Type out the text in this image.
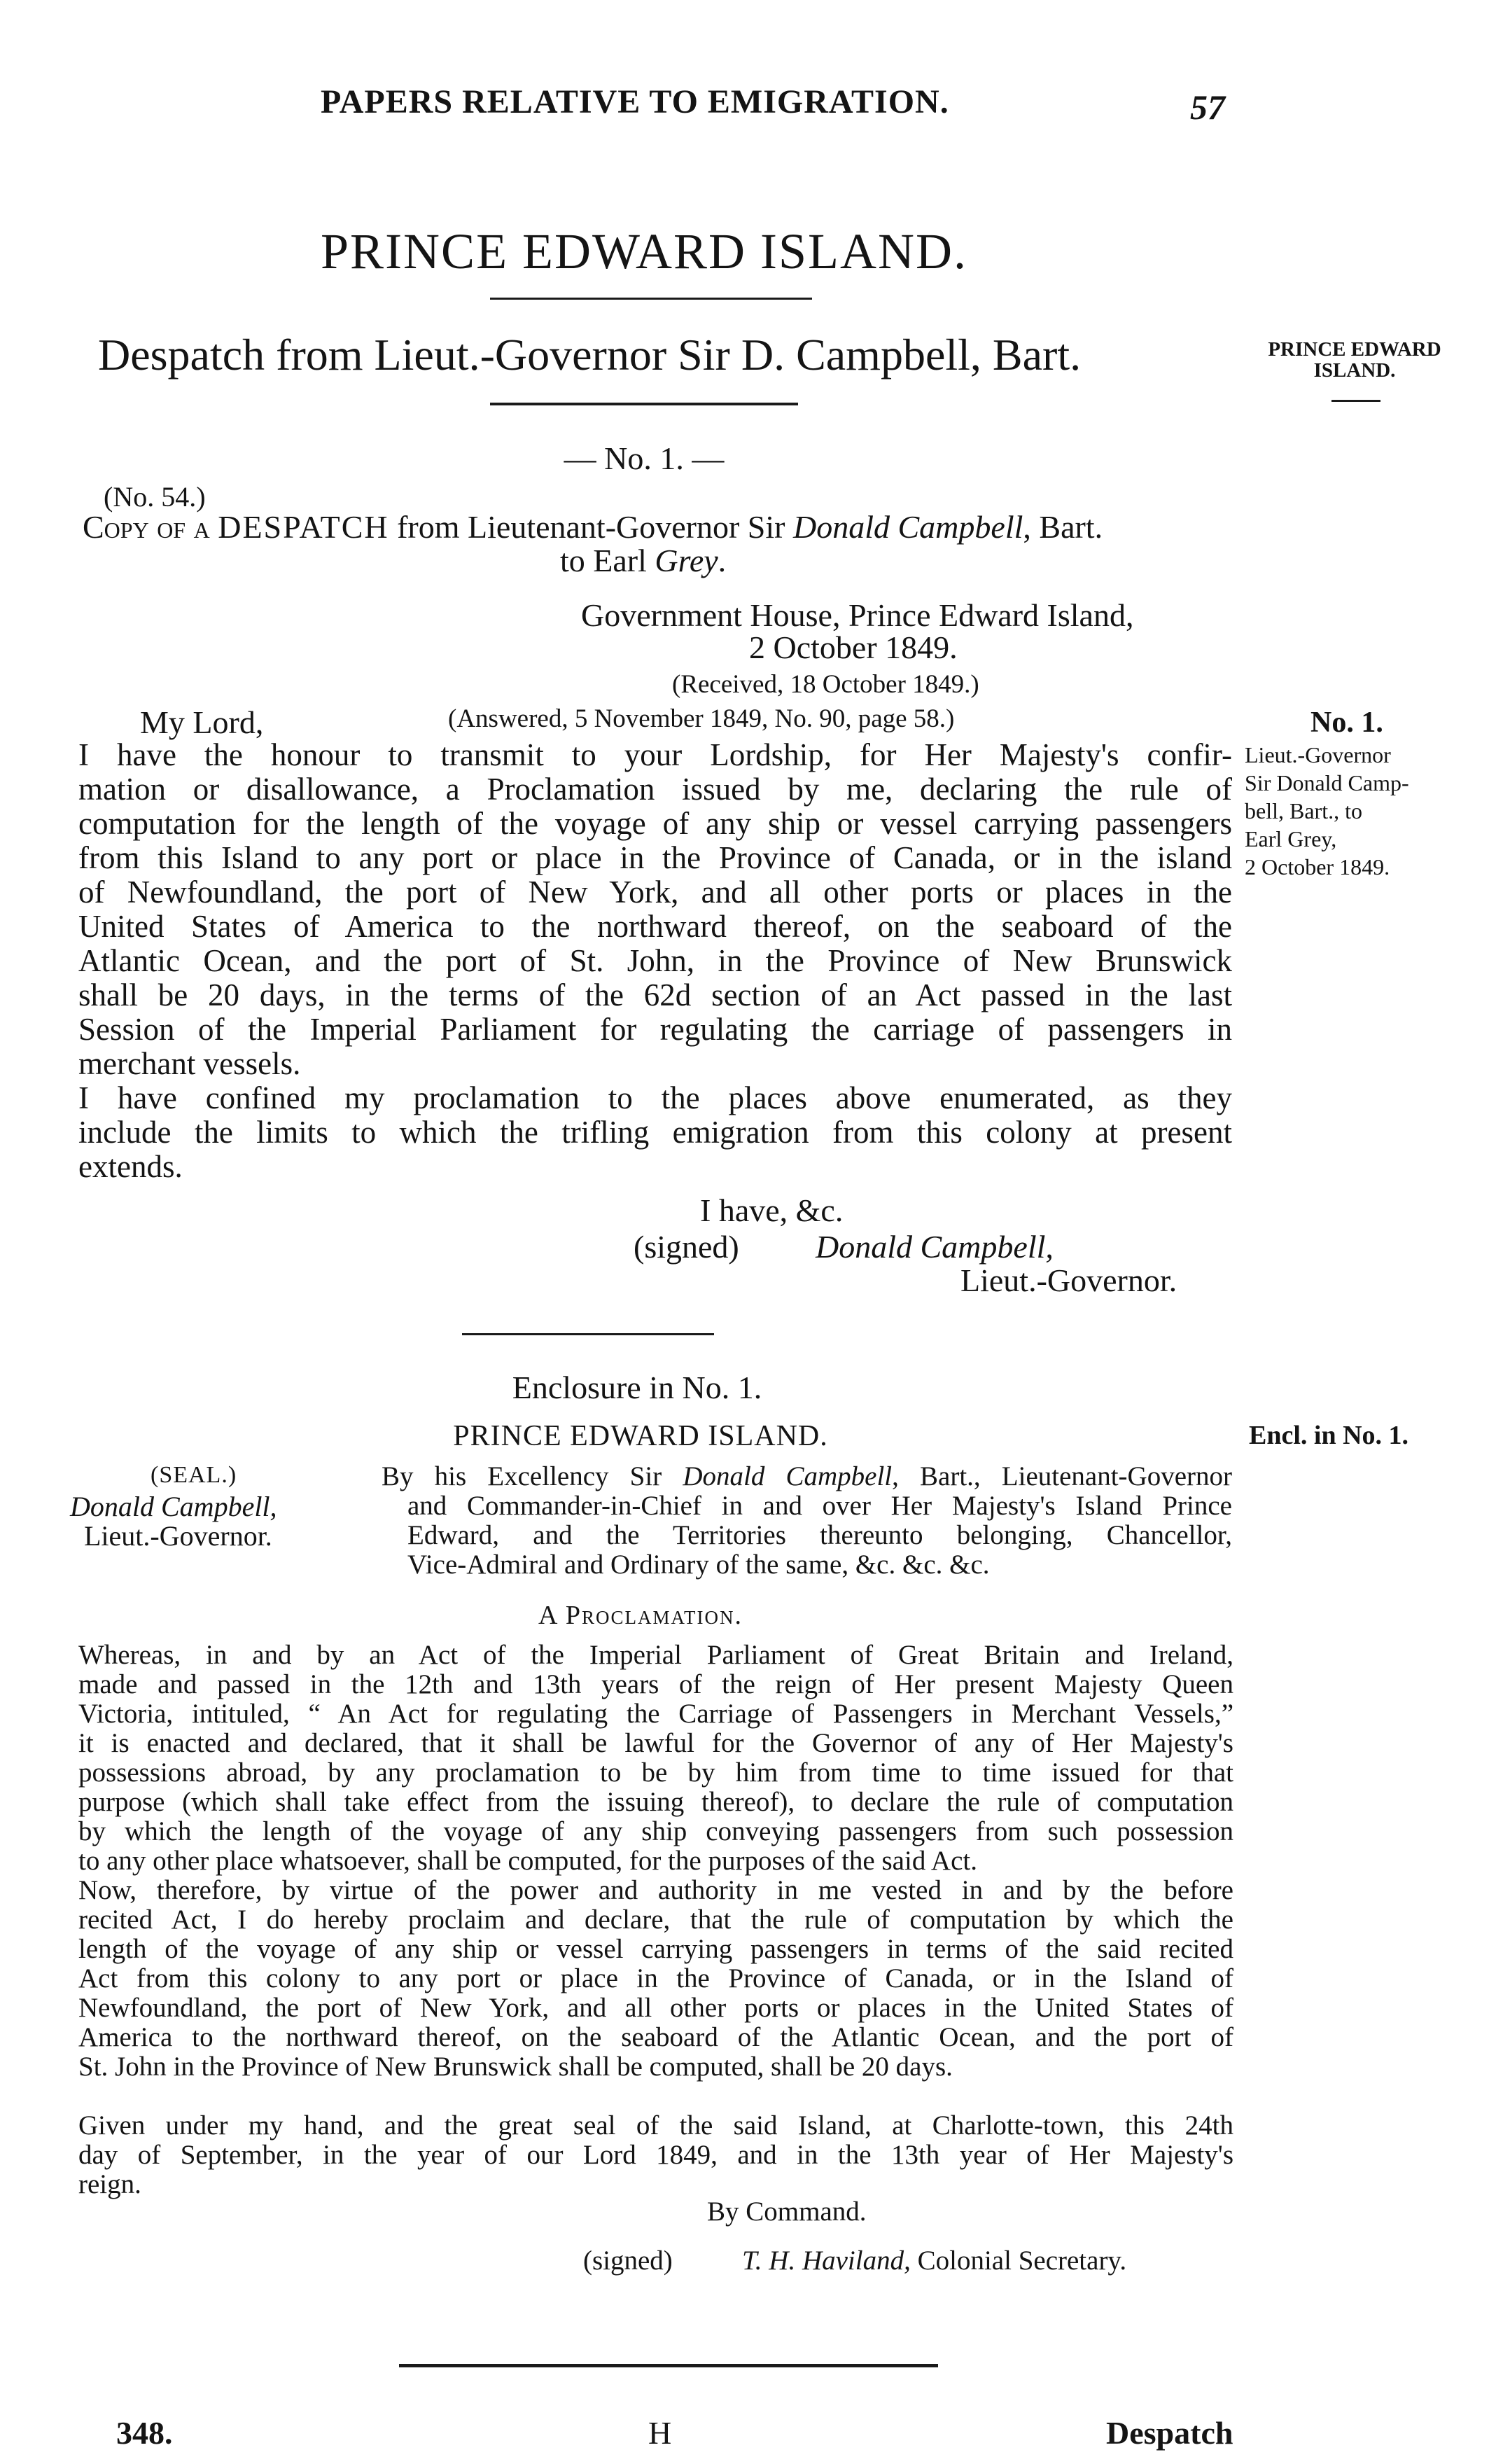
PAPERS RELATIVE TO EMIGRATION.	57
PRINCE EDWARD ISLAND.
Despatch from Lieut.-Governor Sir D. Campbell, Bart.	PRINCE EDWARD
ISLAND.
— No. 1. —
(No. 54.)
Copy of a DESPATCH from Lieutenant-Governor Sir Donald Campbell, Bart.
to Earl Grey.
Government House, Prince Edward Island,
2 October 1849.
(Received, 18 October 1849.)
My Lord,	(Answered, 5 November 1849, No. 90, page 58.)	No. 1.
Lieut.-Governor
Sir Donald Camp-
bell, Bart., to
Earl Grey,
2 October 1849.
I have the honour to transmit to your Lordship, for Her Majesty's confir-
mation or disallowance, a Proclamation issued by me, declaring the rule of
computation for the length of the voyage of any ship or vessel carrying passengers
from this Island to any port or place in the Province of Canada, or in the island
of Newfoundland, the port of New York, and all other ports or places in the
United States of America to the northward thereof, on the seaboard of the
Atlantic Ocean, and the port of St. John, in the Province of New Brunswick
shall be 20 days, in the terms of the 62d section of an Act passed in the last
Session of the Imperial Parliament for regulating the carriage of passengers in
merchant vessels.
I have confined my proclamation to the places above enumerated, as they
include the limits to which the trifling emigration from this colony at present
extends.
I have, &c.
(signed) Donald Campbell,
Lieut.-Governor.
Enclosure in No. 1.
Encl. in No. 1.
PRINCE EDWARD ISLAND.
(SEAL.)
Donald Campbell,
Lieut.-Governor.
By his Excellency Sir Donald Campbell, Bart., Lieutenant-Governor
and Commander-in-Chief in and over Her Majesty's Island Prince
Edward, and the Territories thereunto belonging, Chancellor,
Vice-Admiral and Ordinary of the same, &c. &c. &c.
A Proclamation.
Whereas, in and by an Act of the Imperial Parliament of Great Britain and Ireland,
made and passed in the 12th and 13th years of the reign of Her present Majesty Queen
Victoria, intituled, “ An Act for regulating the Carriage of Passengers in Merchant Vessels,”
it is enacted and declared, that it shall be lawful for the Governor of any of Her Majesty's
possessions abroad, by any proclamation to be by him from time to time issued for that
purpose (which shall take effect from the issuing thereof), to declare the rule of computation
by which the length of the voyage of any ship conveying passengers from such possession
to any other place whatsoever, shall be computed, for the purposes of the said Act.
Now, therefore, by virtue of the power and authority in me vested in and by the before
recited Act, I do hereby proclaim and declare, that the rule of computation by which the
length of the voyage of any ship or vessel carrying passengers in terms of the said recited
Act from this colony to any port or place in the Province of Canada, or in the Island of
Newfoundland, the port of New York, and all other ports or places in the United States of
America to the northward thereof, on the seaboard of the Atlantic Ocean, and the port of
St. John in the Province of New Brunswick shall be computed, shall be 20 days.
Given under my hand, and the great seal of the said Island, at Charlotte-town, this 24th
day of September, in the year of our Lord 1849, and in the 13th year of Her Majesty's
reign.
By Command.
(signed)	T. H. Haviland, Colonial Secretary.
348.	H	Despatch
